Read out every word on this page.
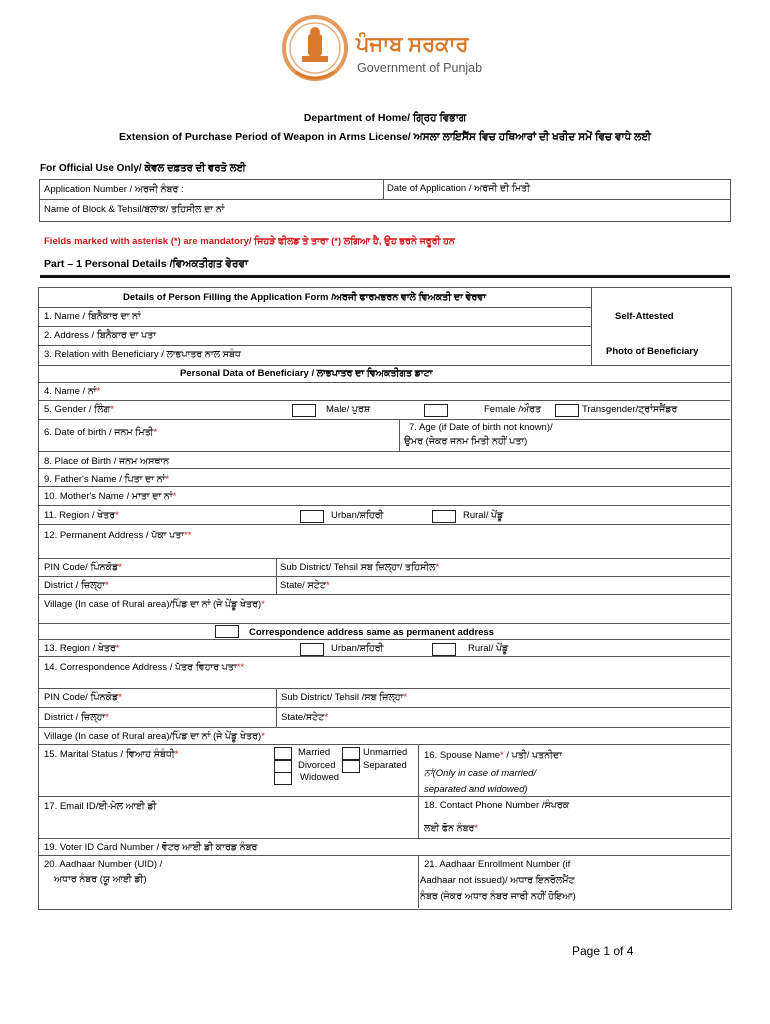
ਪੰਜਾਬ ਸਰਕਾਰ
Government of Punjab
Department of Home/ ਗ੍ਰਿਹ ਵਿਭਾਗ
Extension of Purchase Period of Weapon in Arms License/ ਅਸਲਾ ਲਾਇਸੈਂਸ ਵਿਚ ਹਥਿਆਰਾਂ ਦੀ ਖਰੀਦ ਸਮੇਂ ਵਿਚ ਵਾਧੇ ਲਈ
For Official Use Only/ ਕੇਵਲ ਦਫ਼ਤਰ ਦੀ ਵਰਤੋ ਲਈ
Application Number / ਅਰਜੀ ਨੰਬਰ :	Date of Application / ਅਰਜੀ ਦੀ ਮਿਤੀ
Name of Block & Tehsil/ਬਲਾਕ/ ਤਹਿਸੀਲ ਦਾ ਨਾਂ
Fields marked with asterisk (*) are mandatory/ ਜਿਹੜੇ ਫੀਲਡ ਤੇ ਤਾਰਾ (*) ਲਗਿਆ ਹੈ, ਉਹ ਭਰਨੇ ਜਰੂਰੀ ਹਨ
Part – 1 Personal Details /ਵਿਅਕਤੀਗਤ ਵੇਰਵਾ
Details of Person Filling the Application Form /ਅਰਜੀ ਫਾਰਮਭਰਨ ਵਾਲੇ ਵਿਅਕਤੀ ਦਾ ਵੇਰਵਾ
1. Name / ਬਿਨੈਕਾਰ ਦਾ ਨਾਂ
2. Address / ਬਿਨੈਕਾਰ ਦਾ ਪਤਾ
3. Relation with Beneficiary / ਲਾਭਪਾਤਰ ਨਾਲ ਸਬੰਧ
Self-Attested
Photo of Beneficiary
Personal Data of Beneficiary / ਲਾਭਪਾਤਰ ਦਾ ਵਿਅਕਤੀਗਤ ਡਾਟਾ
4. Name / ਨਾਂ*
5. Gender / ਲਿੰਗ*	Male/ ਪੁਰਸ਼	Female /ਔਰਤ	Transgender/ਟ੍ਰਾਂਸਜੈਂਡਰ
6. Date of birth / ਜਨਮ ਮਿਤੀ*	7. Age (if Date of birth not known)/
ਉਮਰ (ਜੇਕਰ ਜਨਮ ਮਿਤੀ ਨਹੀਂ ਪਤਾ)
8. Place of Birth / ਜਨਮ ਅਸਥਾਨ
9. Father's Name / ਪਿਤਾ ਦਾ ਨਾਂ*
10. Mother's Name / ਮਾਤਾ ਦਾ ਨਾਂ*
11. Region / ਖੇਤਰ*	Urban/ਸ਼ਹਿਰੀ	Rural/ ਪੇਂਡੂ
12. Permanent Address / ਪੱਕਾ ਪਤਾ**
PIN Code/ ਪਿੰਨਕੋਡ*	Sub District/ Tehsil ਸਬ ਜ਼ਿਲ੍ਹਾ/ ਤਹਿਸੀਲ*
District / ਜ਼ਿਲ੍ਹਾ*	State/ ਸਟੇਟ*
Village (In case of Rural area)/ਪਿੰਡ ਦਾ ਨਾਂ (ਜੇ ਪੇਂਡੂ ਖੇਤਰ)*
Correspondence address same as permanent address
13. Region / ਖੇਤਰ*	Urban/ਸ਼ਹਿਰੀ	Rural/ ਪੇਂਡੂ
14. Correspondence Address / ਪੱਤਰ ਵਿਹਾਰ ਪਤਾ**
PIN Code/ ਪਿੰਨਕੋਡ*	Sub District/ Tehsil /ਸਬ ਜ਼ਿਲ੍ਹਾ*
District / ਜ਼ਿਲ੍ਹਾ*	State/ਸਟੇਟ*
Village (In case of Rural area)/ਪਿੰਡ ਦਾ ਨਾਂ (ਜੇ ਪੇਂਡੂ ਖੇਤਰ)*
15. Marital Status / ਵਿਆਹ ਸੰਬੰਧੀ*	Married	Unmarried
Divorced	Separated
Widowed
16. Spouse Name* / ਪਤੀ/ ਪਤਨੀਦਾ
ਨਾਂ(Only in case of married/
separated and widowed)
17. Email ID/ਈ-ਮੇਲ ਆਈ ਡੀ	18. Contact Phone Number /ਸੰਪਰਕ
ਲਈ ਫੋਨ ਨੰਬਰ*
19. Voter ID Card Number / ਵੋਟਰ ਆਈ ਡੀ ਕਾਰਡ ਨੰਬਰ
20. Aadhaar Number (UID) /
ਅਧਾਰ ਨੰਬਰ (ਯੂ ਆਈ ਡੀ)
21. Aadhaar Enrollment Number (if
Aadhaar not issued)/ ਅਧਾਰ ਇਨਰੋਲਮੈਂਟ
ਨੰਬਰ (ਜੇਕਰ ਅਧਾਰ ਨੰਬਰ ਜਾਰੀ ਨਹੀਂ ਹੋਇਆ)
Page 1 of 4
